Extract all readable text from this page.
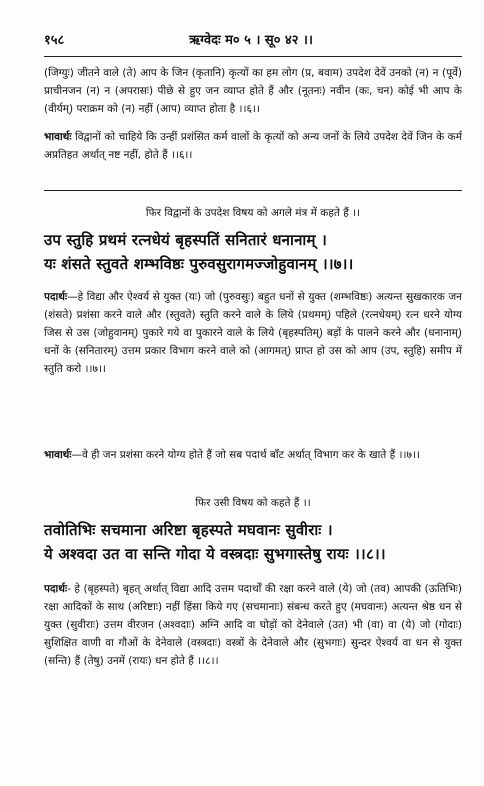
१५८	ऋग्वेदः म० ५ । सू० ४२ ।।

(जिग्युः) जीतने वाले (ते) आप के जिन (कृतानि) कृत्यों का हम लोग (प्र, बवाम) उपदेश देवें उनको (न) न (पूर्वे) प्राचीनजन (न) न (अपरासः) पीछे से हुए जन व्याप्त होते हैं और (नूतनः) नवीन (कः, चन) कोई भी आप के (वीर्यम्) पराक्रम को (न) नहीं (आप) व्याप्त होता है ।।६।।

भावार्थः विद्वानों को चाहिये कि उन्हीं प्रशंसित कर्म वालों के कृत्यों को अन्य जनों के लिये उपदेश देवें जिन के कर्म अप्रतिहत अर्थात् नष्ट नहीं, होते हैं ।।६।।

फिर विद्वानों के उपदेश विषय को अगले मंत्र में कहते हैं ।।

उप स्तुहि प्रथमं रत्नधेयं बृहस्पतिं सनितारं धनानाम् ।

यः शंसते स्तुवते शम्भविष्ठः पुरुवसुरागमज्जोहुवानम् ।।७।।

पदार्थः—हे विद्या और ऐश्वर्य से युक्त (यः) जो (पुरुवसुः) बहुत धनों से युक्त (शम्भविष्ठः) अत्यन्त सुखकारक जन (शंसते) प्रशंसा करने वाले और (स्तुवते) स्तुति करने वाले के लिये (प्रथमम्) पहिले (रत्नधेयम्) रत्न धरने योग्य जिस से उस (जोहुवानम्) पुकारे गये वा पुकारने वाले के लिये (बृहस्पतिम्) बड़ों के पालने करने और (धनानाम्) धनों के (सनितारम्) उत्तम प्रकार विभाग करने वाले को (आगमत्) प्राप्त हो उस को आप (उप, स्तुहि) समीप में स्तुति करो ।।७।।

भावार्थः—वे ही जन प्रशंसा करने योग्य होते हैं जो सब पदार्थ बाँट अर्थात् विभाग कर के खाते हैं ।।७।।

फिर उसी विषय को कहते हैं ।।

तवोतिभिः सचमाना अरिष्टा बृहस्पते मघवानः सुवीराः ।

ये अश्वदा उत वा सन्ति गोदा ये वस्त्रदाः सुभगास्तेषु रायः ।।८।।

पदार्थः- हे (बृहस्पते) बृहत् अर्थात् विद्या आदि उत्तम पदार्थों की रक्षा करने वाले (ये) जो (तव) आपकी (ऊतिभिः) रक्षा आदिकों के साथ (अरिष्टाः) नहीं हिंसा किये गए (सचमानाः) संबन्ध करते हुए (मघवानः) अत्यन्त श्रेष्ठ धन से युक्त (सुवीराः) उत्तम वीरजन (अश्वदाः) अग्नि आदि वा घोड़ों को देनेवाले (उत) भी (वा) वा (ये) जो (गोदाः) सुशिक्षित वाणी वा गौओं के देनेवाले (वस्त्रदाः) वस्त्रों के देनेवाले और (सुभगाः) सुन्दर ऐश्वर्य वा धन से युक्त (सन्ति) हैं (तेषु) उनमें (रायः) धन होते हैं ।।८।।
